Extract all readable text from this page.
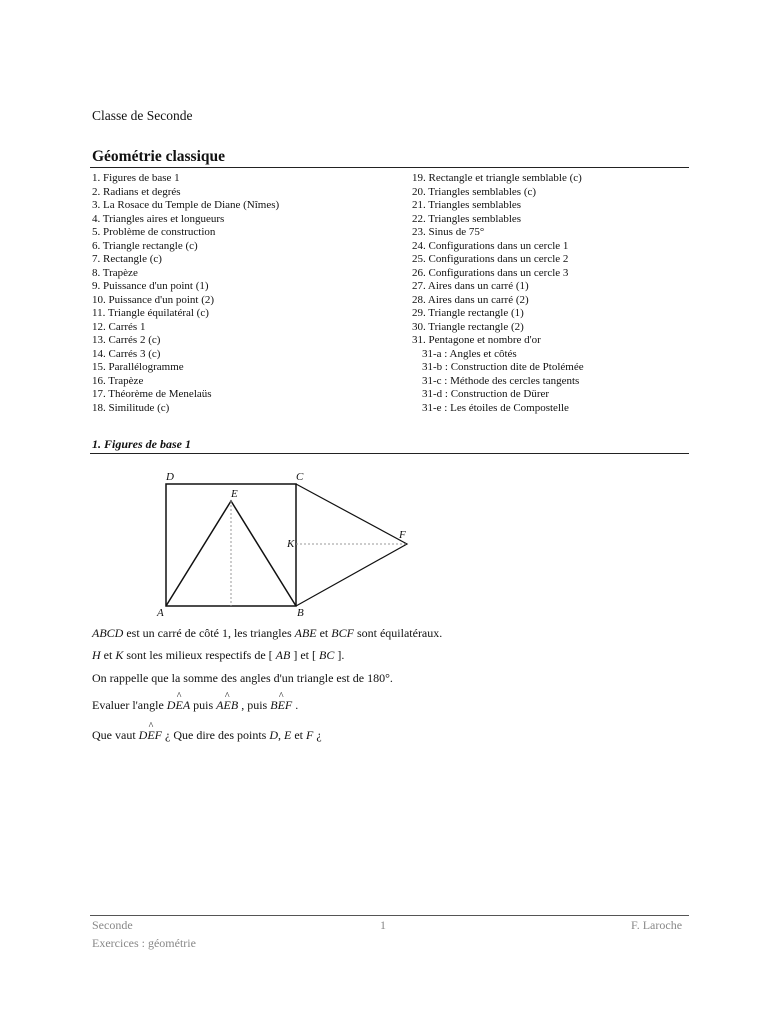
Classe de Seconde
Géométrie classique
1. Figures de base 1
2. Radians et degrés
3. La Rosace du Temple de Diane (Nîmes)
4. Triangles aires et longueurs
5. Problème de construction
6. Triangle rectangle (c)
7. Rectangle (c)
8. Trapèze
9. Puissance d'un point (1)
10. Puissance d'un point (2)
11. Triangle équilatéral (c)
12. Carrés 1
13. Carrés 2 (c)
14. Carrés 3 (c)
15. Parallélogramme
16. Trapèze
17. Théorème de Menelaüs
18. Similitude (c)
19. Rectangle et triangle semblable (c)
20. Triangles semblables (c)
21. Triangles semblables
22. Triangles semblables
23. Sinus de 75°
24. Configurations dans un cercle 1
25. Configurations dans un cercle 2
26. Configurations dans un cercle 3
27. Aires dans un carré (1)
28. Aires dans un carré (2)
29. Triangle rectangle (1)
30. Triangle rectangle (2)
31. Pentagone et nombre d'or
31-a : Angles et côtés
31-b : Construction dite de Ptolémée
31-c : Méthode des cercles tangents
31-d : Construction de Dürer
31-e : Les étoiles de Compostelle
1. Figures de base 1
D	C
E
F
K
A	B
ABCD est un carré de côté 1, les triangles ABE et BCF sont équilatéraux.
H et K sont les milieux respectifs de [ AB ] et [ BC ].
On rappelle que la somme des angles d'un triangle est de 180°.
Evaluer l'angle D^ EA puis A^ EB , puis B^ EF .
Que vaut D^ EF ¿ Que dire des points D, E et F ¿
Seconde
Exercices : géométrie
1	F. Laroche
